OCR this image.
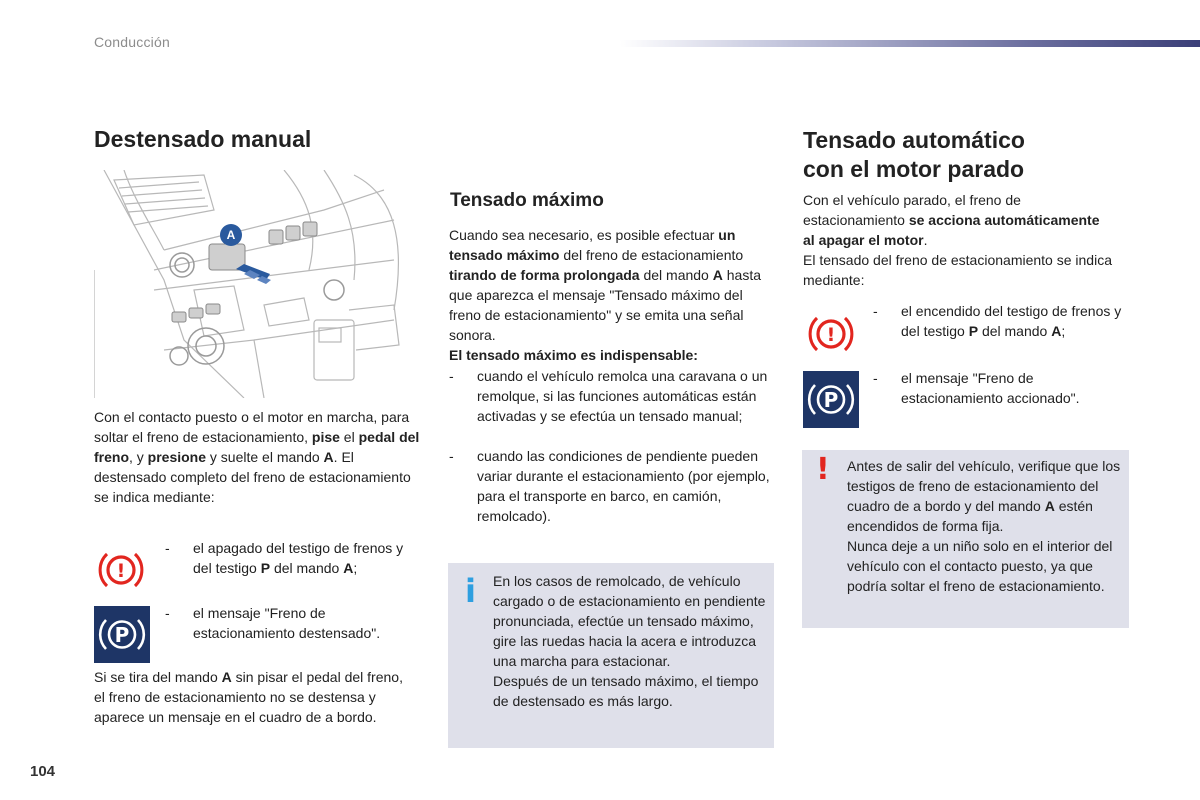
Conducción
Destensado manual
A
Con el contacto puesto o el motor en marcha, para soltar el freno de estacionamiento, pise el pedal del freno, y presione y suelte el mando A. El destensado completo del freno de estacionamiento se indica mediante:
!
- el apagado del testigo de frenos y del testigo P del mando A;
P
- el mensaje "Freno de estacionamiento destensado".
Si se tira del mando A sin pisar el pedal del freno, el freno de estacionamiento no se destensa y aparece un mensaje en el cuadro de a bordo.
Tensado máximo
Cuando sea necesario, es posible efectuar un tensado máximo del freno de estacionamiento tirando de forma prolongada del mando A hasta que aparezca el mensaje "Tensado máximo del freno de estacionamiento" y se emita una señal sonora.
El tensado máximo es indispensable:
- cuando el vehículo remolca una caravana o un remolque, si las funciones automáticas están activadas y se efectúa un tensado manual;
- cuando las condiciones de pendiente pueden variar durante el estacionamiento (por ejemplo, para el transporte en barco, en camión, remolcado).
i En los casos de remolcado, de vehículo cargado o de estacionamiento en pendiente pronunciada, efectúe un tensado máximo, gire las ruedas hacia la acera e introduzca una marcha para estacionar.
Después de un tensado máximo, el tiempo de destensado es más largo.
Tensado automático
con el motor parado
Con el vehículo parado, el freno de estacionamiento se acciona automáticamente al apagar el motor.
El tensado del freno de estacionamiento se indica mediante:
!
- el encendido del testigo de frenos y del testigo P del mando A;
P
- el mensaje "Freno de estacionamiento accionado".
! Antes de salir del vehículo, verifique que los testigos de freno de estacionamiento del cuadro de a bordo y del mando A estén encendidos de forma fija.
Nunca deje a un niño solo en el interior del vehículo con el contacto puesto, ya que podría soltar el freno de estacionamiento.
104
